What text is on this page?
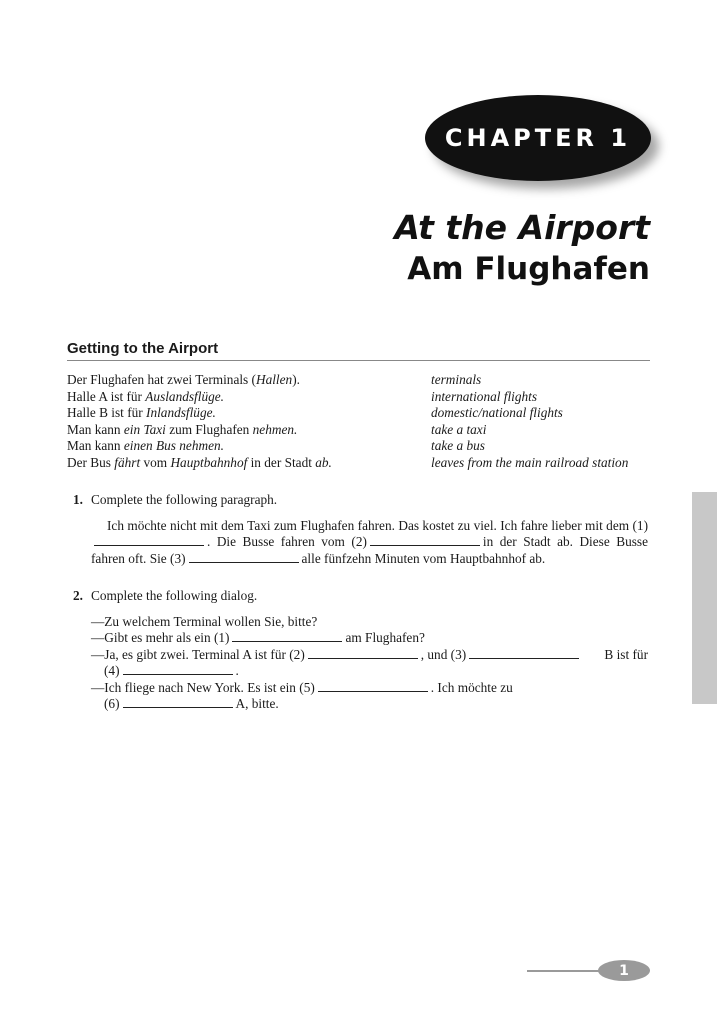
CHAPTER 1
At the Airport
Am Flughafen
Getting to the Airport
Der Flughafen hat zwei Terminals (Hallen).	terminals
Halle A ist für Auslandsflüge.	international flights
Halle B ist für Inlandsflüge.	domestic/national flights
Man kann ein Taxi zum Flughafen nehmen.	take a taxi
Man kann einen Bus nehmen.	take a bus
Der Bus fährt vom Hauptbahnhof in der Stadt ab.	leaves from the main railroad station
1. Complete the following paragraph.
Ich möchte nicht mit dem Taxi zum Flughafen fahren. Das kostet zu viel. Ich fahre lieber mit dem (1). Die Busse fahren vom (2)	in der Stadt ab. Diese Busse fahren oft. Sie (3)	alle fünfzehn Minuten vom Hauptbahnhof ab.
2. Complete the following dialog.
—Zu welchem Terminal wollen Sie, bitte?
—Gibt es mehr als ein (1)	am Flughafen?
—Ja, es gibt zwei. Terminal A ist für (2)	, und (3)	B ist für
(4)	.
—Ich fliege nach New York. Es ist ein (5)	. Ich möchte zu
(6)	A, bitte.
1
